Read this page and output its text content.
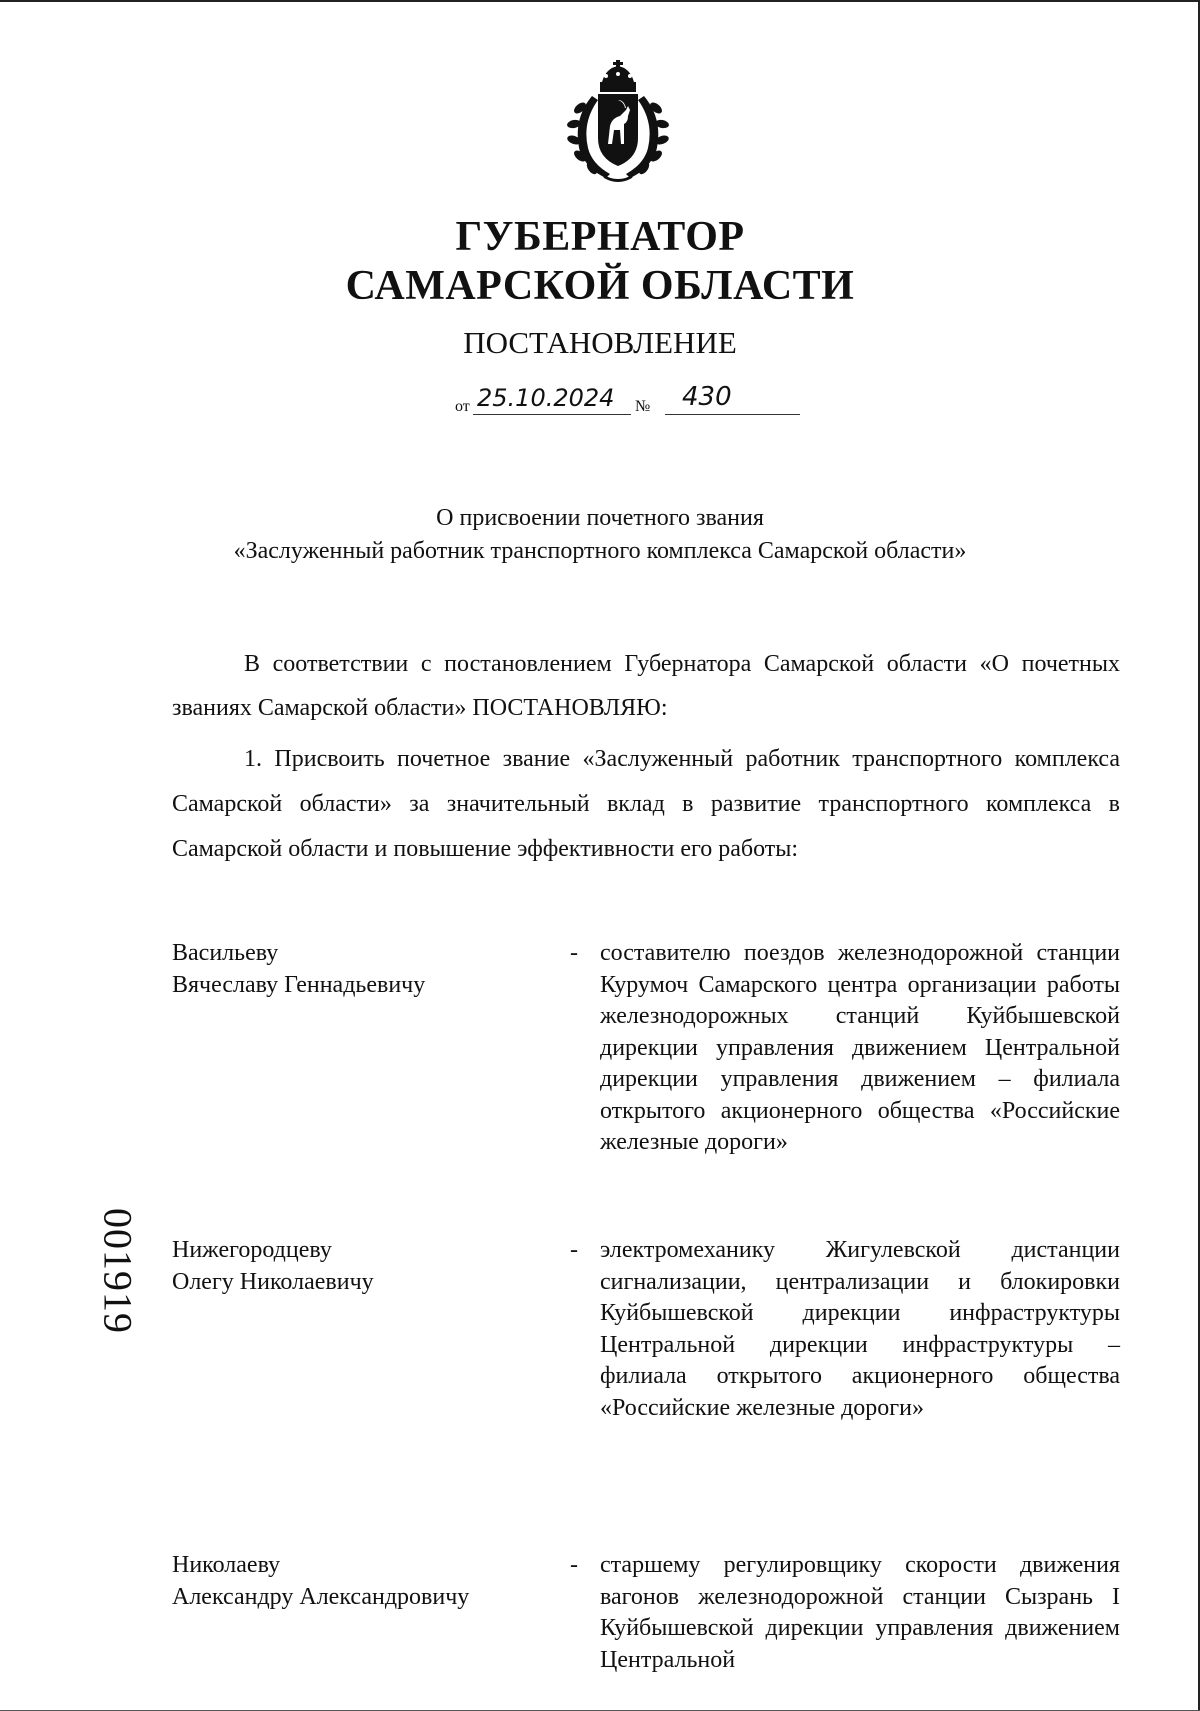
ГУБЕРНАТОР
САМАРСКОЙ ОБЛАСТИ
ПОСТАНОВЛЕНИЕ
от 25.10.2024 № 430
О присвоении почетного звания
«Заслуженный работник транспортного комплекса Самарской области»
В соответствии с постановлением Губернатора Самарской области «О почетных званиях Самарской области» ПОСТАНОВЛЯЮ:
1. Присвоить почетное звание «Заслуженный работник транспортного комплекса Самарской области» за значительный вклад в развитие транспортного комплекса в Самарской области и повышение эффективности его работы:
Васильеву
Вячеславу Геннадьевичу
- составителю поездов железнодорожной станции Курумоч Самарского центра организации работы железнодорожных станций Куйбышевской дирекции управления движением Центральной дирекции управления движением – филиала открытого акционерного общества «Российские железные дороги»
Нижегородцеву
Олегу Николаевичу
- электромеханику Жигулевской дистанции сигнализации, централизации и блокировки Куйбышевской дирекции инфраструктуры Центральной дирекции инфраструктуры – филиала открытого акционерного общества «Российские железные дороги»
Николаеву
Александру Александровичу
- старшему регулировщику скорости движения вагонов железнодорожной станции Сызрань I Куйбышевской дирекции управления движением Центральной
001919
